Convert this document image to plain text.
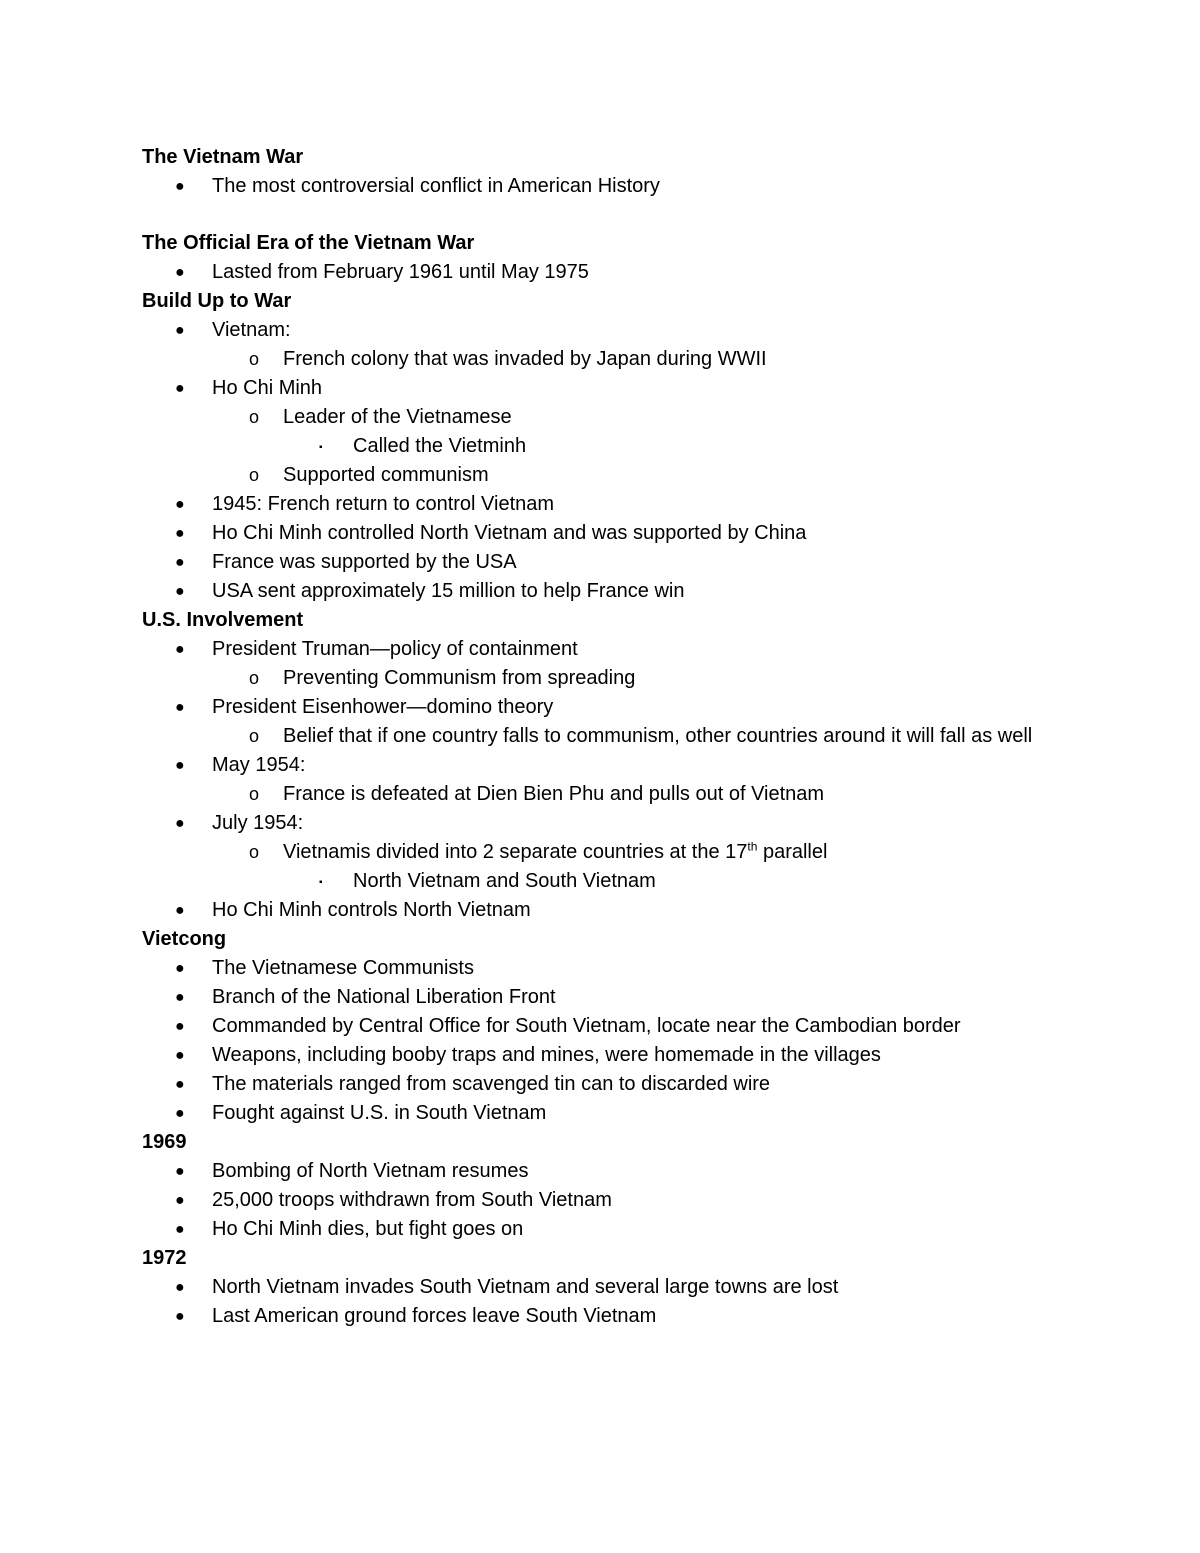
The Vietnam War
● The most controversial conflict in American History
The Official Era of the Vietnam War
● Lasted from February 1961 until May 1975
Build Up to War
● Vietnam:
o French colony that was invaded by Japan during WWII
● Ho Chi Minh
o Leader of the Vietnamese
▪ Called the Vietminh
o Supported communism
● 1945: French return to control Vietnam
● Ho Chi Minh controlled North Vietnam and was supported by China
● France was supported by the USA
● USA sent approximately 15 million to help France win
U.S. Involvement
● President Truman—policy of containment
o Preventing Communism from spreading
● President Eisenhower—domino theory
o Belief that if one country falls to communism, other countries around it will fall as well
● May 1954:
o France is defeated at Dien Bien Phu and pulls out of Vietnam
● July 1954:
o Vietnamis divided into 2 separate countries at the 17th parallel
▪ North Vietnam and South Vietnam
● Ho Chi Minh controls North Vietnam
Vietcong
● The Vietnamese Communists
● Branch of the National Liberation Front
● Commanded by Central Office for South Vietnam, locate near the Cambodian border
● Weapons, including booby traps and mines, were homemade in the villages
● The materials ranged from scavenged tin can to discarded wire
● Fought against U.S. in South Vietnam
1969
● Bombing of North Vietnam resumes
● 25,000 troops withdrawn from South Vietnam
● Ho Chi Minh dies, but fight goes on
1972
● North Vietnam invades South Vietnam and several large towns are lost
● Last American ground forces leave South Vietnam
